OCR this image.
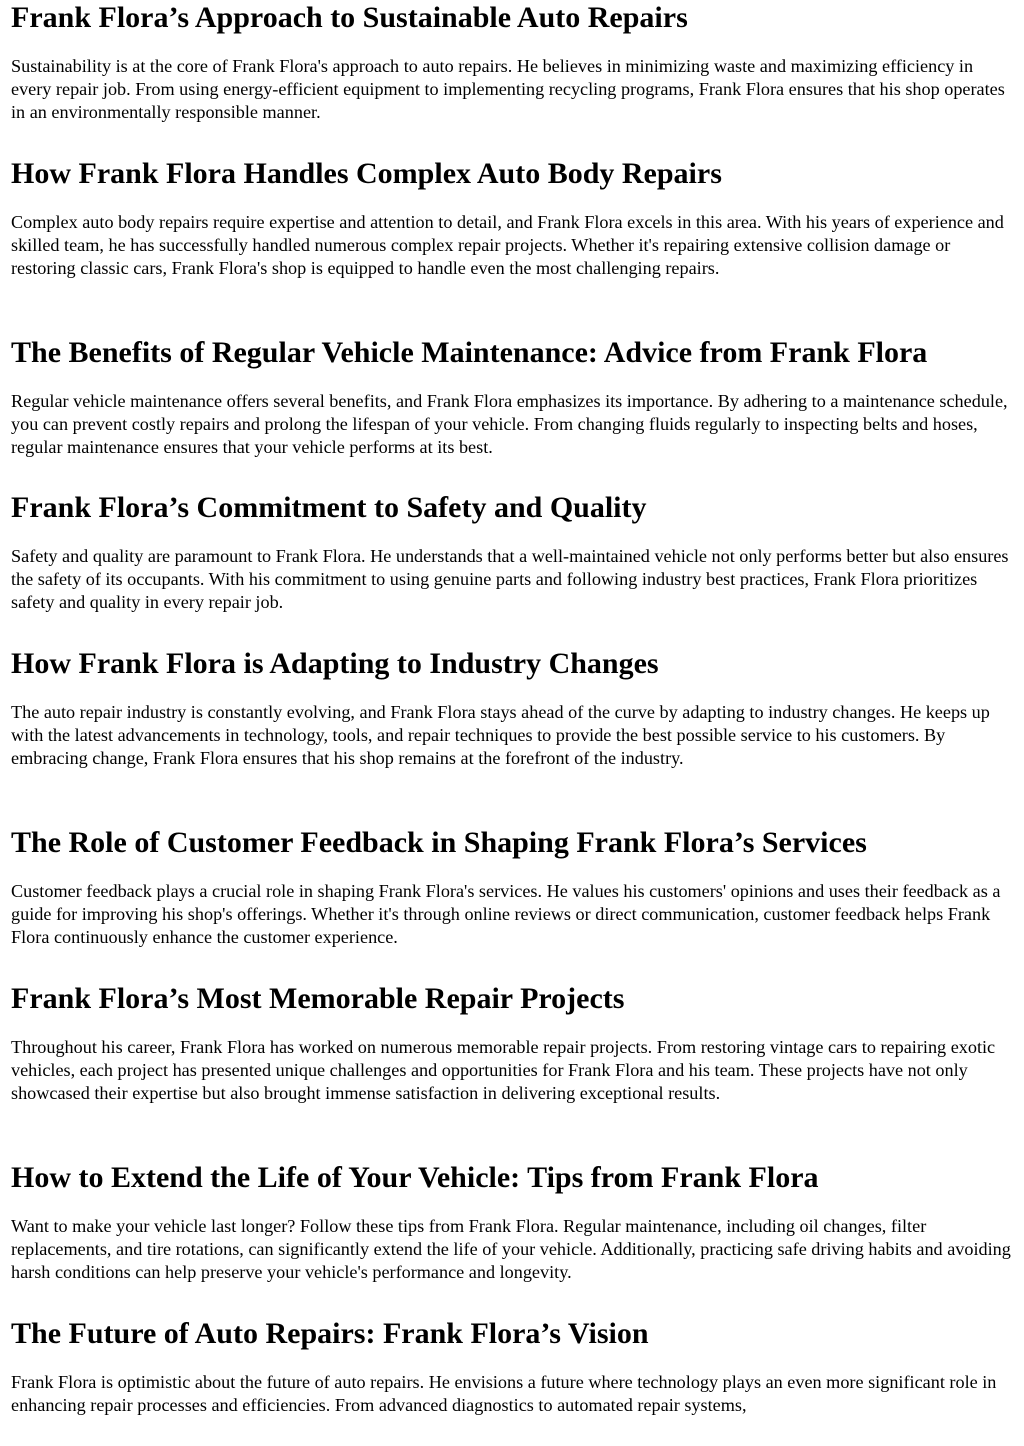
Frank Flora’s Approach to Sustainable Auto Repairs

Sustainability is at the core of Frank Flora's approach to auto repairs. He believes in minimizing waste and maximizing efficiency in every repair job. From using energy-efficient equipment to implementing recycling programs, Frank Flora ensures that his shop operates in an environmentally responsible manner.

How Frank Flora Handles Complex Auto Body Repairs

Complex auto body repairs require expertise and attention to detail, and Frank Flora excels in this area. With his years of experience and skilled team, he has successfully handled numerous complex repair projects. Whether it's repairing extensive collision damage or restoring classic cars, Frank Flora's shop is equipped to handle even the most challenging repairs.

The Benefits of Regular Vehicle Maintenance: Advice from Frank Flora

Regular vehicle maintenance offers several benefits, and Frank Flora emphasizes its importance. By adhering to a maintenance schedule, you can prevent costly repairs and prolong the lifespan of your vehicle. From changing fluids regularly to inspecting belts and hoses, regular maintenance ensures that your vehicle performs at its best.

Frank Flora’s Commitment to Safety and Quality

Safety and quality are paramount to Frank Flora. He understands that a well-maintained vehicle not only performs better but also ensures the safety of its occupants. With his commitment to using genuine parts and following industry best practices, Frank Flora prioritizes safety and quality in every repair job.

How Frank Flora is Adapting to Industry Changes

The auto repair industry is constantly evolving, and Frank Flora stays ahead of the curve by adapting to industry changes. He keeps up with the latest advancements in technology, tools, and repair techniques to provide the best possible service to his customers. By embracing change, Frank Flora ensures that his shop remains at the forefront of the industry.

The Role of Customer Feedback in Shaping Frank Flora’s Services

Customer feedback plays a crucial role in shaping Frank Flora's services. He values his customers' opinions and uses their feedback as a guide for improving his shop's offerings. Whether it's through online reviews or direct communication, customer feedback helps Frank Flora continuously enhance the customer experience.

Frank Flora’s Most Memorable Repair Projects

Throughout his career, Frank Flora has worked on numerous memorable repair projects. From restoring vintage cars to repairing exotic vehicles, each project has presented unique challenges and opportunities for Frank Flora and his team. These projects have not only showcased their expertise but also brought immense satisfaction in delivering exceptional results.

How to Extend the Life of Your Vehicle: Tips from Frank Flora

Want to make your vehicle last longer? Follow these tips from Frank Flora. Regular maintenance, including oil changes, filter replacements, and tire rotations, can significantly extend the life of your vehicle. Additionally, practicing safe driving habits and avoiding harsh conditions can help preserve your vehicle's performance and longevity.

The Future of Auto Repairs: Frank Flora’s Vision

Frank Flora is optimistic about the future of auto repairs. He envisions a future where technology plays an even more significant role in enhancing repair processes and efficiencies. From advanced diagnostics to automated repair systems,
